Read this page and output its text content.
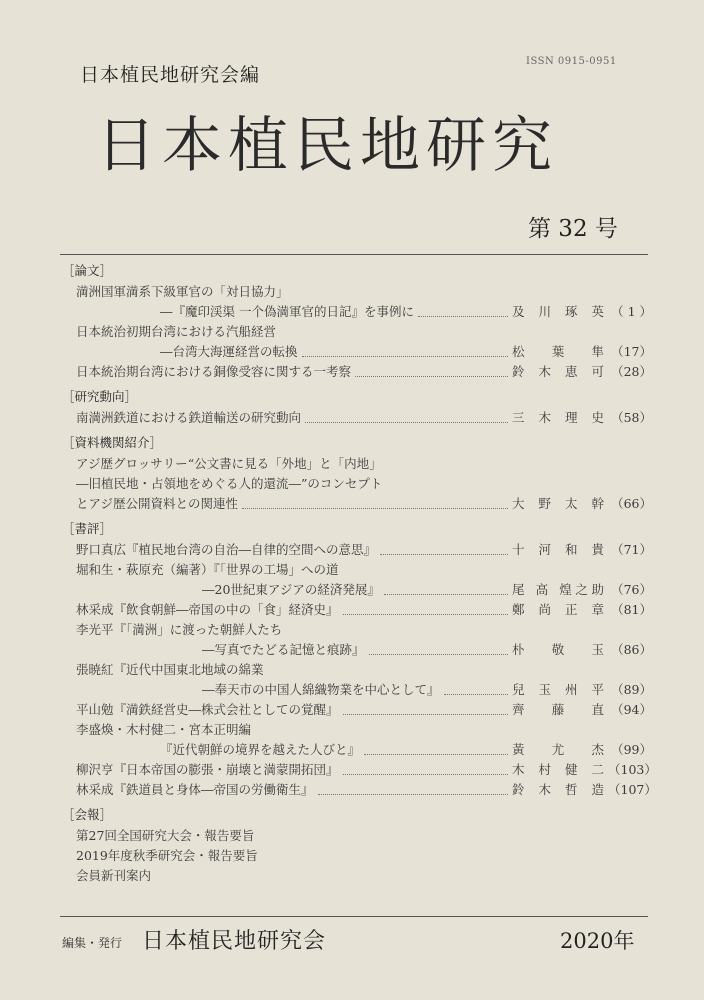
日本植民地研究会編
ISSN 0915-0951
日本植民地研究
第 32 号
［論文］
満洲国軍満系下級軍官の「対日協力」
―『魔印渓渠 一个偽満軍官的日記』を事例に	及 川 琢 英 （ 1 ）
日本統治初期台湾における汽船経営
―台湾大海運経営の転換	松 葉 隼 （17）
日本統治期台湾における銅像受容に関する一考察	鈴 木 恵 可 （28）
［研究動向］
南満洲鉄道における鉄道輸送の研究動向	三 木 理 史 （58）
［資料機関紹介］
アジ歴グロッサリー“公文書に見る「外地」と「内地」
―旧植民地・占領地をめぐる人的還流―”のコンセプト
とアジ歴公開資料との関連性	大 野 太 幹 （66）
［書評］
野口真広『植民地台湾の自治―自律的空間への意思』	十 河 和 貴 （71）
堀和生・萩原充（編著）『「世界の工場」への道
―20世紀東アジアの経済発展』	尾 高 煌之助 （76）
林采成『飲食朝鮮―帝国の中の「食」経済史』	鄭 尚 正 章 （81）
李光平『「満洲」に渡った朝鮮人たち
―写真でたどる記憶と痕跡』	朴 敬 玉 （86）
張暁紅『近代中国東北地域の綿業
―奉天市の中国人綿織物業を中心として』	兒 玉 州 平 （89）
平山勉『満鉄経営史―株式会社としての覚醒』	齊 藤 直 （94）
李盛煥・木村健二・宮本正明編
『近代朝鮮の境界を越えた人びと』	黃 尤 杰 （99）
柳沢亨『日本帝国の膨張・崩壊と満蒙開拓団』	木 村 健 二 （103）
林采成『鉄道員と身体―帝国の労働衛生』	鈴 木 哲 造 （107）
［会報］
第27回全国研究大会・報告要旨
2019年度秋季研究会・報告要旨
会員新刊案内
編集・発行 日本植民地研究会	2020年
